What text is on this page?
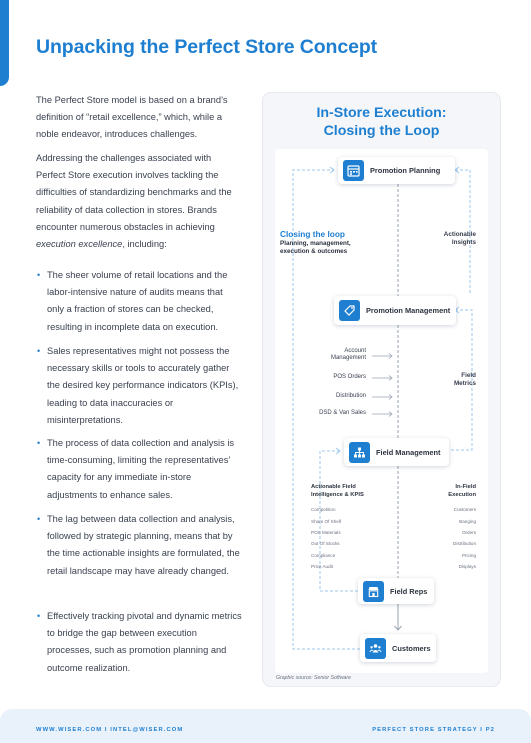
Unpacking the Perfect Store Concept

The Perfect Store model is based on a brand’s definition of “retail excellence,” which, while a noble endeavor, introduces challenges.

Addressing the challenges associated with Perfect Store execution involves tackling the difficulties of standardizing benchmarks and the reliability of data collection in stores. Brands encounter numerous obstacles in achieving execution excellence, including:

• The sheer volume of retail locations and the labor-intensive nature of audits means that only a fraction of stores can be checked, resulting in incomplete data on execution.
• Sales representatives might not possess the necessary skills or tools to accurately gather the desired key performance indicators (KPIs), leading to data inaccuracies or misinterpretations.
• The process of data collection and analysis is time-consuming, limiting the representatives’ capacity for any immediate in-store adjustments to enhance sales.
• The lag between data collection and analysis, followed by strategic planning, means that by the time actionable insights are formulated, the retail landscape may have already changed.
• Effectively tracking pivotal and dynamic metrics to bridge the gap between execution processes, such as promotion planning and outcome realization.
In-Store Execution:
Closing the Loop
Promotion Planning
Promotion Management
Field Management
Field Reps
Customers
Closing the loop
Planning, management, execution & outcomes
Actionable Insights
Field Metrics
Account Management
POS Orders
Distribution
DSD & Van Sales
Actionable Field Intelligence & KPIS
Competition
Share Of Shelf
POS Materials
Out Of Stocks
Compliance
Price Audit
In-Field Execution
Customers
Banging
Orders
Distribution
Pricing
Displays
Graphic source: Senior Software
WWW.WISER.COM I INTEL@WISER.COM	PERFECT STORE STRATEGY I P2
